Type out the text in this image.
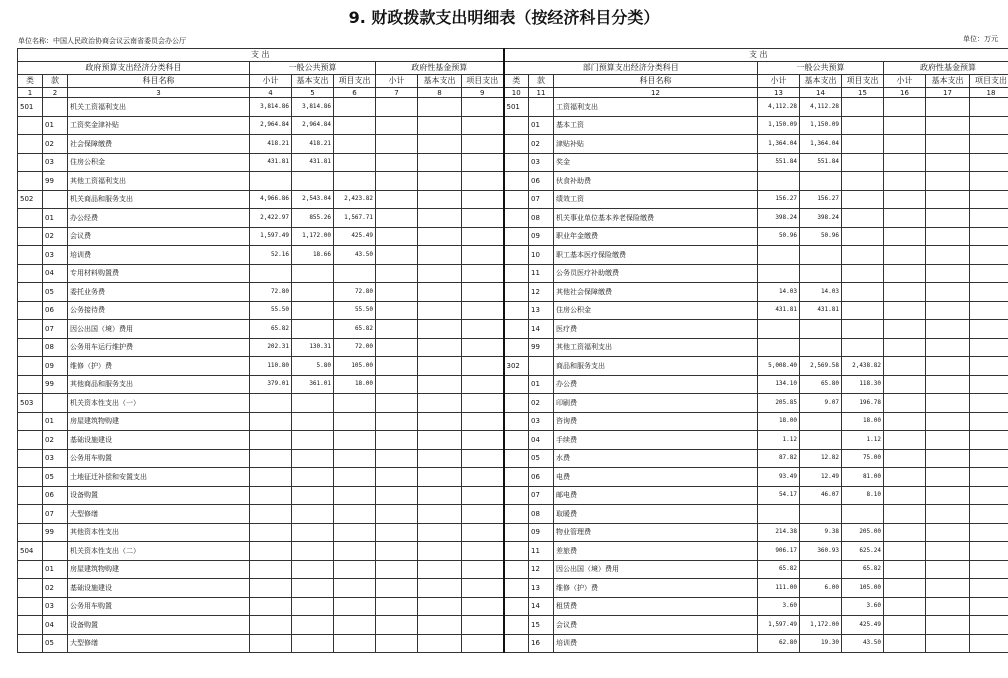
9. 财政拨款支出明细表（按经济科目分类）
单位名称：中国人民政治协商会议云南省委员会办公厅	单位：万元
支 出									支 出								
政府预算支出经济分类科目			一般公共预算			政府性基金预算			部门预算支出经济分类科目			一般公共预算			政府性基金预算		
类	款	科目名称	小计	基本支出	项目支出	小计	基本支出	项目支出	类	款	科目名称	小计	基本支出	项目支出	小计	基本支出	项目支出
1	2	3	4	5	6	7	8	9	10	11	12	13	14	15	16	17	18
501		机关工资福利支出	3,814.86	3,814.86					501		工资福利支出	4,112.28	4,112.28				
	01	工资奖金津补贴	2,964.84	2,964.84						01	基本工资	1,150.09	1,150.09				
	02	社会保障缴费	418.21	418.21						02	津贴补贴	1,364.04	1,364.04				
	03	住房公积金	431.81	431.81						03	奖金	551.84	551.84				
	99	其他工资福利支出								06	伙食补助费						
502		机关商品和服务支出	4,966.86	2,543.04	2,423.82					07	绩效工资	156.27	156.27				
	01	办公经费	2,422.97	855.26	1,567.71					08	机关事业单位基本养老保险缴费	398.24	398.24				
	02	会议费	1,597.49	1,172.00	425.49					09	职业年金缴费	50.96	50.96				
	03	培训费	52.16	18.66	43.50					10	职工基本医疗保险缴费						
	04	专用材料购置费								11	公务员医疗补助缴费						
	05	委托业务费	72.80		72.80					12	其他社会保障缴费	14.03	14.03				
	06	公务接待费	55.50		55.50					13	住房公积金	431.81	431.81				
	07	因公出国（境）费用	65.82		65.82					14	医疗费						
	08	公务用车运行维护费	202.31	130.31	72.00					99	其他工资福利支出						
	09	维修（护）费	110.80	5.80	105.00				302		商品和服务支出	5,008.40	2,569.58	2,438.82			
	99	其他商品和服务支出	379.01	361.01	18.00					01	办公费	134.10	65.80	118.30			
503		机关资本性支出（一）								02	印刷费	205.85	9.07	196.78			
	01	房屋建筑物购建								03	咨询费	18.00		18.00			
	02	基础设施建设								04	手续费	1.12		1.12			
	03	公务用车购置								05	水费	87.82	12.82	75.00			
	05	土地征迁补偿和安置支出								06	电费	93.49	12.49	81.00			
	06	设备购置								07	邮电费	54.17	46.07	8.10			
	07	大型修缮								08	取暖费						
	99	其他资本性支出								09	物业管理费	214.38	9.38	205.00			
504		机关资本性支出（二）								11	差旅费	906.17	360.93	625.24			
	01	房屋建筑物购建								12	因公出国（境）费用	65.82		65.82			
	02	基础设施建设								13	维修（护）费	111.00	6.00	105.00			
	03	公务用车购置								14	租赁费	3.60		3.60			
	04	设备购置								15	会议费	1,597.49	1,172.00	425.49			
	05	大型修缮								16	培训费	62.80	19.30	43.50			
